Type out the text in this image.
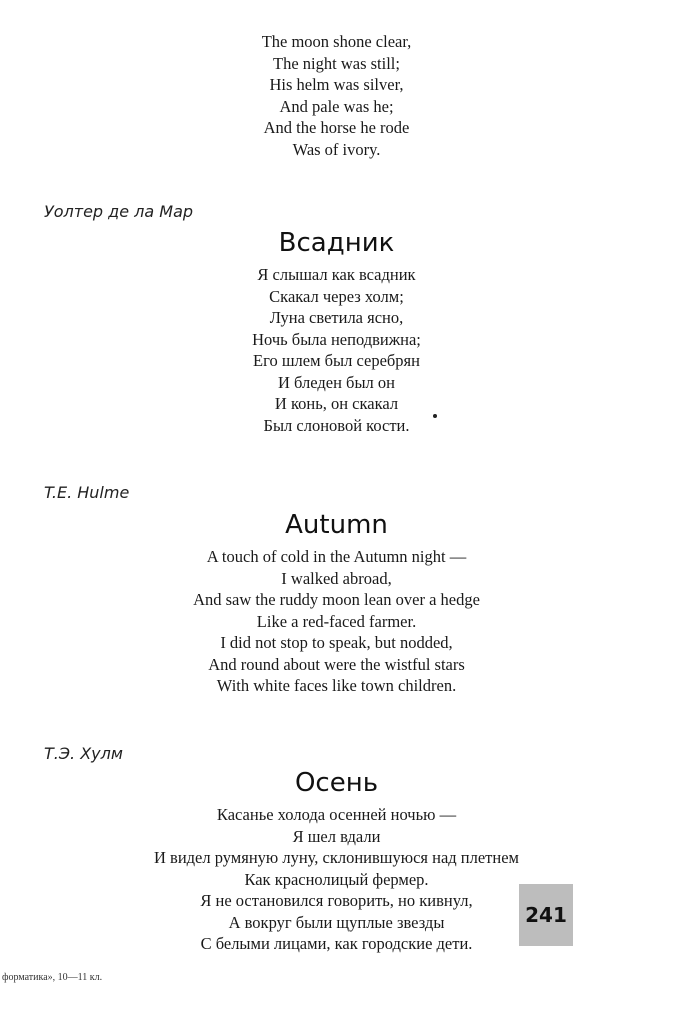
The moon shone clear,
The night was still;
His helm was silver,
And pale was he;
And the horse he rode
Was of ivory.
Уолтер де ла Мар
Всадник
Я слышал как всадник
Скакал через холм;
Луна светила ясно,
Ночь была неподвижна;
Его шлем был серебрян
И бледен был он
И конь, он скакал
Был слоновой кости.
T.E. Hulme
Autumn
A touch of cold in the Autumn night —
I walked abroad,
And saw the ruddy moon lean over a hedge
Like a red-faced farmer.
I did not stop to speak, but nodded,
And round about were the wistful stars
With white faces like town children.
Т.Э. Хулм
Осень
Касанье холода осенней ночью —
Я шел вдали
И видел румяную луну, склонившуюся над плетнем
Как краснолицый фермер.
Я не остановился говорить, но кивнул,
А вокруг были щуплые звезды
С белыми лицами, как городские дети.
241
форматика», 10—11 кл.
